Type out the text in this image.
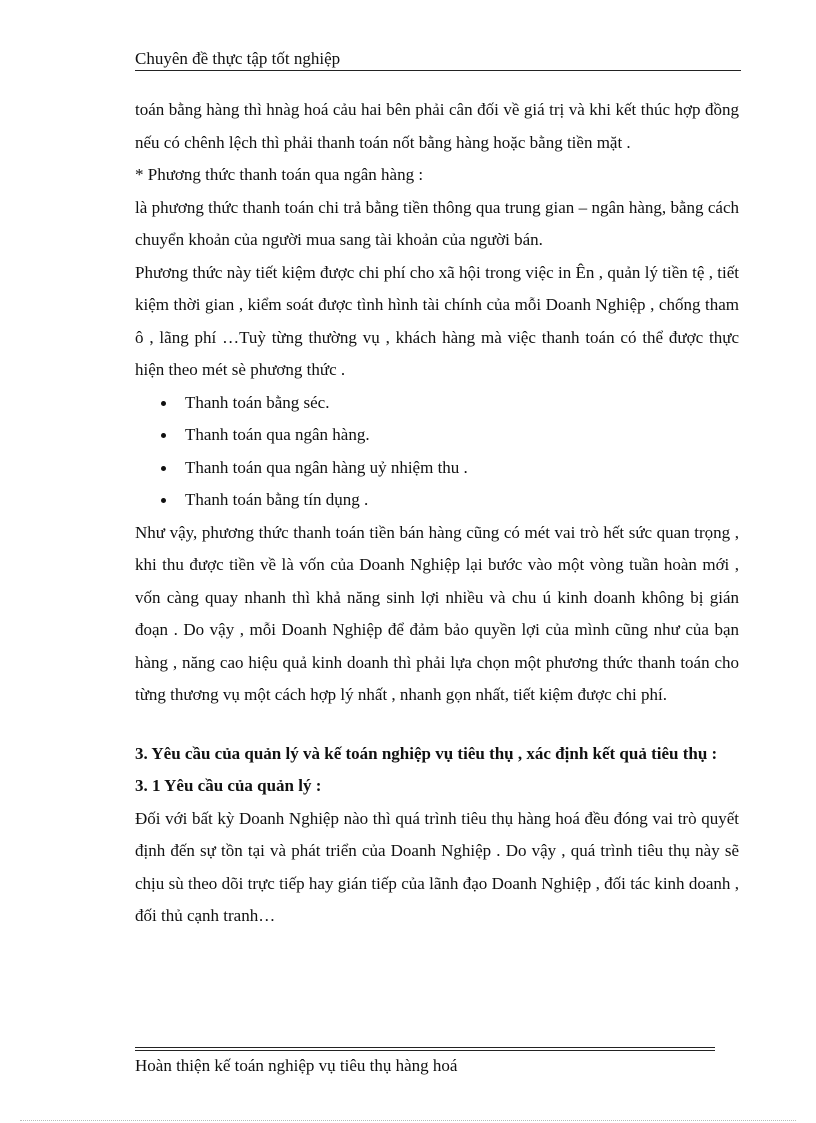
Chuyên đề thực tập tốt nghiệp

toán bằng hàng thì hnàg hoá cảu hai bên phải cân đối về giá trị và khi kết thúc hợp đồng nếu có chênh lệch thì phải thanh toán nốt bằng hàng hoặc bằng tiền mặt .

* Phương thức thanh toán qua ngân hàng :

là phương thức thanh toán chi trả bằng tiền thông qua trung gian – ngân hàng, bằng cách chuyển khoản của người mua sang tài khoản của người bán.

Phương thức này tiết kiệm được chi phí cho xã hội trong việc in Ên , quản lý tiền tệ , tiết kiệm thời gian , kiểm soát được tình hình tài chính của mỗi Doanh Nghiệp , chống tham ô , lãng phí …Tuỳ từng thường vụ , khách hàng mà việc thanh toán có thể được thực hiện theo mét sè phương thức .

Thanh toán bằng séc.
Thanh toán qua ngân hàng.
Thanh toán qua ngân hàng uỷ nhiệm thu .
Thanh toán bằng tín dụng .

Như vậy, phương thức thanh toán tiền bán hàng cũng có mét vai trò hết sức quan trọng , khi thu được tiền về là vốn của Doanh Nghiệp lại bước vào một vòng tuần hoàn mới , vốn càng quay nhanh thì khả năng sinh lợi nhiều và chu ú kinh doanh không bị gián đoạn . Do vậy , mỗi Doanh Nghiệp để đảm bảo quyền lợi của mình cũng như của bạn hàng , năng cao hiệu quả kinh doanh thì phải lựa chọn một phương thức thanh toán cho từng thương vụ một cách hợp lý nhất , nhanh gọn nhất, tiết kiệm được chi phí.

3. Yêu cầu của quản lý và kế toán nghiệp vụ tiêu thụ , xác định kết quả tiêu thụ :

3. 1 Yêu cầu của quản lý :

Đối với bất kỳ Doanh Nghiệp nào thì quá trình tiêu thụ hàng hoá đều đóng vai trò quyết định đến sự tồn tại và phát triển của Doanh Nghiệp . Do vậy , quá trình tiêu thụ này sẽ chịu sù theo dõi trực tiếp hay gián tiếp của lãnh đạo Doanh Nghiệp , đối tác kinh doanh , đối thủ cạnh tranh…

Hoàn thiện kế toán nghiệp vụ tiêu thụ hàng hoá
